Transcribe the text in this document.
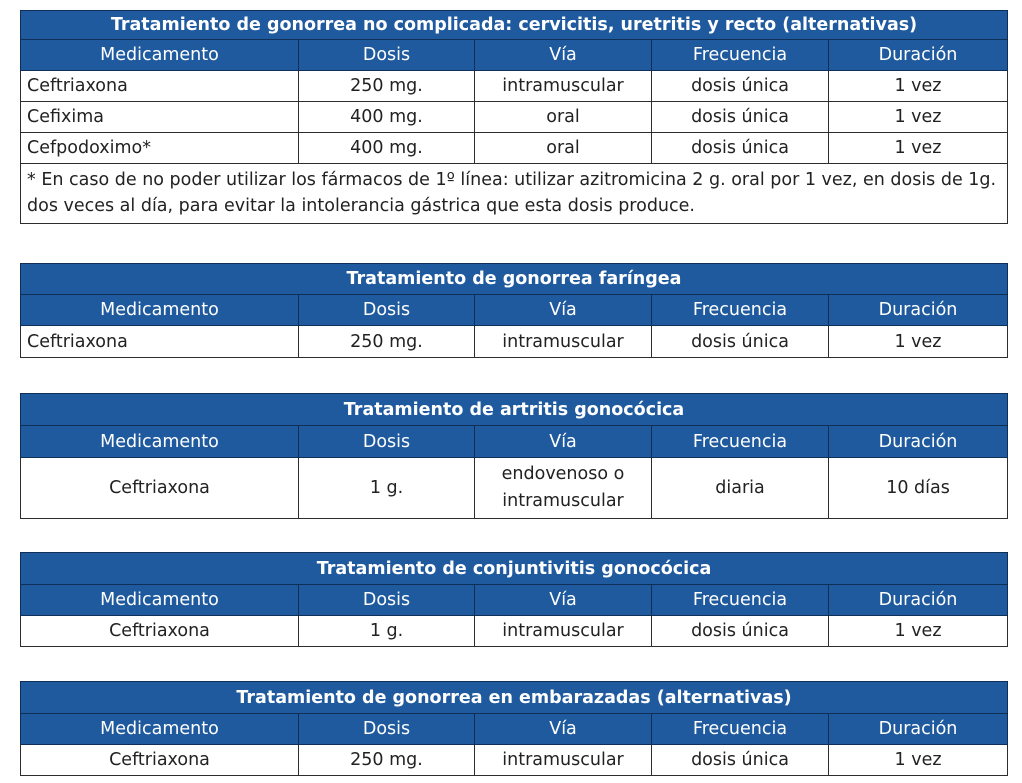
Tratamiento de gonorrea no complicada: cervicitis, uretritis y recto (alternativas)				
Medicamento	Dosis	Vía	Frecuencia	Duración
Ceftriaxona	250 mg.	intramuscular	dosis única	1 vez
Cefixima	400 mg.	oral	dosis única	1 vez
Cefpodoximo*	400 mg.	oral	dosis única	1 vez
* En caso de no poder utilizar los fármacos de 1º línea: utilizar azitromicina 2 g. oral por 1 vez, en dosis de 1g. dos veces al día, para evitar la intolerancia gástrica que esta dosis produce.				
Tratamiento de gonorrea faríngea				
Medicamento	Dosis	Vía	Frecuencia	Duración
Ceftriaxona	250 mg.	intramuscular	dosis única	1 vez
Tratamiento de artritis gonocócica				
Medicamento	Dosis	Vía	Frecuencia	Duración
Ceftriaxona	1 g.	endovenoso o intramuscular	diaria	10 días
Tratamiento de conjuntivitis gonocócica				
Medicamento	Dosis	Vía	Frecuencia	Duración
Ceftriaxona	1 g.	intramuscular	dosis única	1 vez
Tratamiento de gonorrea en embarazadas (alternativas)				
Medicamento	Dosis	Vía	Frecuencia	Duración
Ceftriaxona	250 mg.	intramuscular	dosis única	1 vez
